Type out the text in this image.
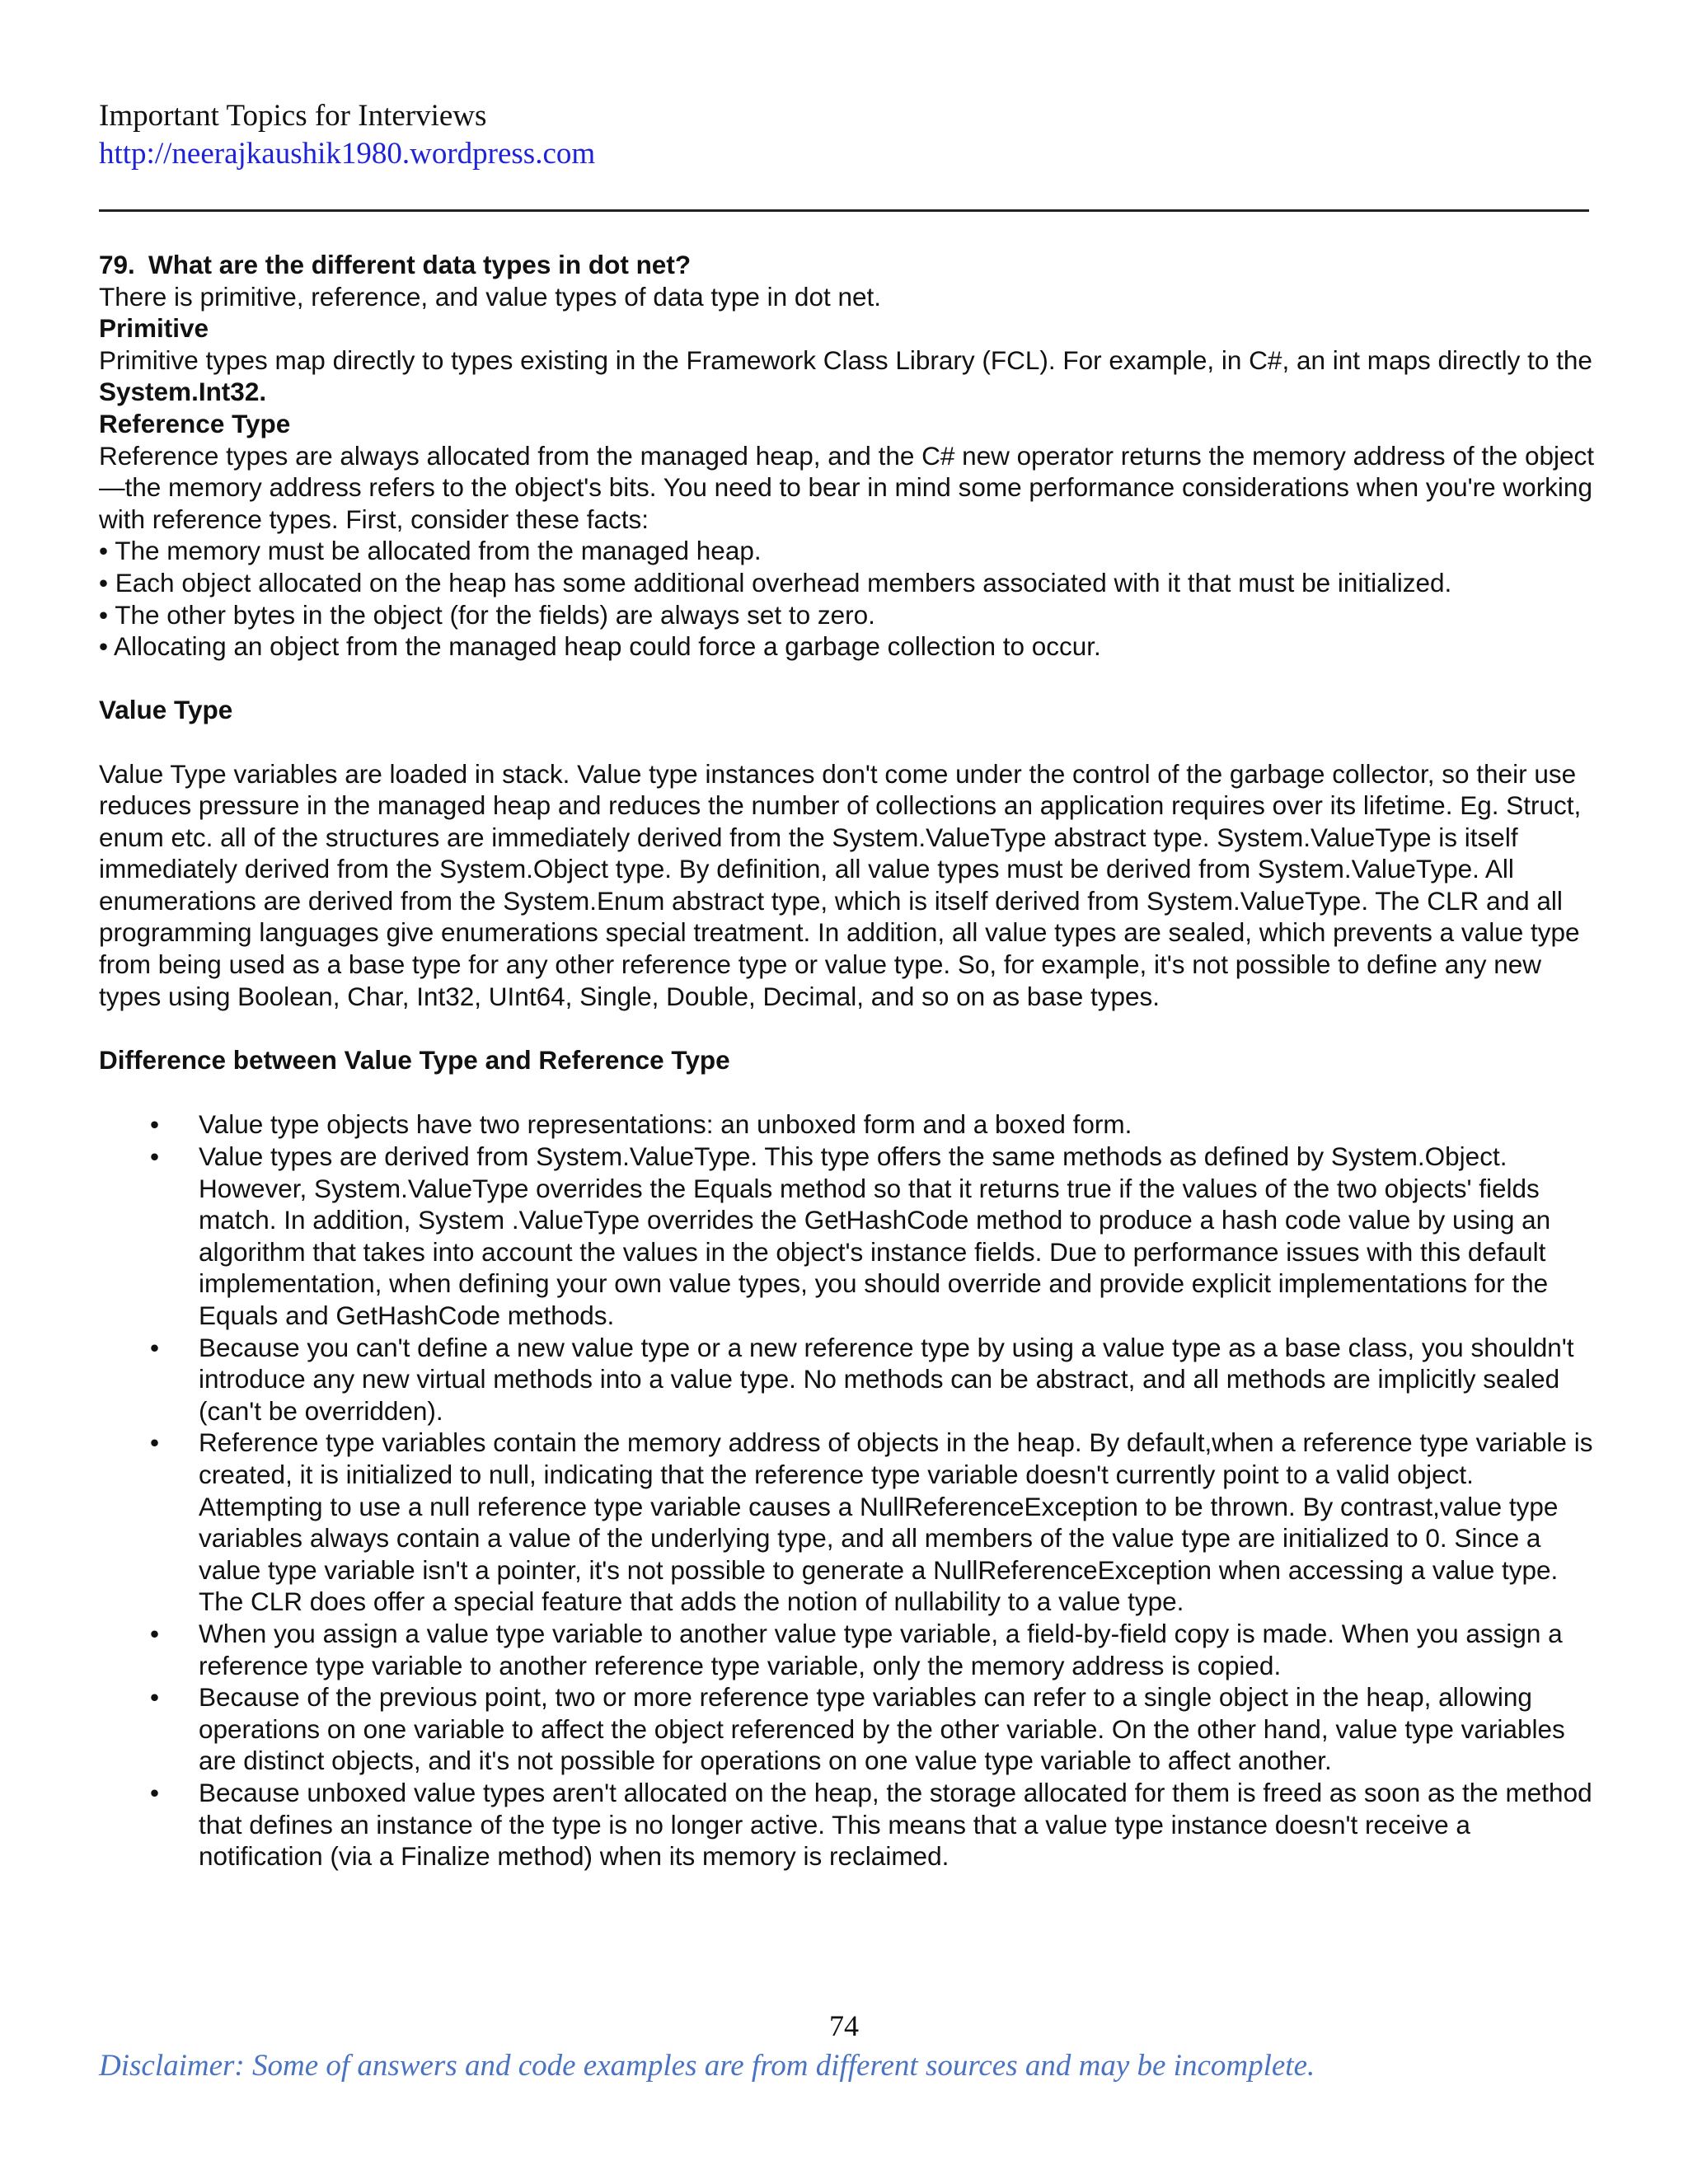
Important Topics for Interviews
http://neerajkaushik1980.wordpress.com

79. What are the different data types in dot net?

There is primitive, reference, and value types of data type in dot net.

Primitive

Primitive types map directly to types existing in the Framework Class Library (FCL). For example, in C#, an int maps directly to the System.Int32.

Reference Type

Reference types are always allocated from the managed heap, and the C# new operator returns the memory address of the object—the memory address refers to the object's bits. You need to bear in mind some performance considerations when you're working with reference types. First, consider these facts:

• The memory must be allocated from the managed heap.

• Each object allocated on the heap has some additional overhead members associated with it that must be initialized.

• The other bytes in the object (for the fields) are always set to zero.

• Allocating an object from the managed heap could force a garbage collection to occur.

Value Type

Value Type variables are loaded in stack. Value type instances don't come under the control of the garbage collector, so their use reduces pressure in the managed heap and reduces the number of collections an application requires over its lifetime. Eg. Struct, enum etc. all of the structures are immediately derived from the System.ValueType abstract type. System.ValueType is itself immediately derived from the System.Object type. By definition, all value types must be derived from System.ValueType. All enumerations are derived from the System.Enum abstract type, which is itself derived from System.ValueType. The CLR and all programming languages give enumerations special treatment. In addition, all value types are sealed, which prevents a value type from being used as a base type for any other reference type or value type. So, for example, it's not possible to define any new types using Boolean, Char, Int32, UInt64, Single, Double, Decimal, and so on as base types.

Difference between Value Type and Reference Type

• Value type objects have two representations: an unboxed form and a boxed form.
• Value types are derived from System.ValueType. This type offers the same methods as defined by System.Object. However, System.ValueType overrides the Equals method so that it returns true if the values of the two objects' fields match. In addition, System .ValueType overrides the GetHashCode method to produce a hash code value by using an algorithm that takes into account the values in the object's instance fields. Due to performance issues with this default implementation, when defining your own value types, you should override and provide explicit implementations for the Equals and GetHashCode methods.
• Because you can't define a new value type or a new reference type by using a value type as a base class, you shouldn't introduce any new virtual methods into a value type. No methods can be abstract, and all methods are implicitly sealed (can't be overridden).
• Reference type variables contain the memory address of objects in the heap. By default,when a reference type variable is created, it is initialized to null, indicating that the reference type variable doesn't currently point to a valid object. Attempting to use a null reference type variable causes a NullReferenceException to be thrown. By contrast,value type variables always contain a value of the underlying type, and all members of the value type are initialized to 0. Since a value type variable isn't a pointer, it's not possible to generate a NullReferenceException when accessing a value type. The CLR does offer a special feature that adds the notion of nullability to a value type.
• When you assign a value type variable to another value type variable, a field-by-field copy is made. When you assign a reference type variable to another reference type variable, only the memory address is copied.
• Because of the previous point, two or more reference type variables can refer to a single object in the heap, allowing operations on one variable to affect the object referenced by the other variable. On the other hand, value type variables are distinct objects, and it's not possible for operations on one value type variable to affect another.
• Because unboxed value types aren't allocated on the heap, the storage allocated for them is freed as soon as the method that defines an instance of the type is no longer active. This means that a value type instance doesn't receive a notification (via a Finalize method) when its memory is reclaimed.
74
Disclaimer: Some of answers and code examples are from different sources and may be incomplete.
